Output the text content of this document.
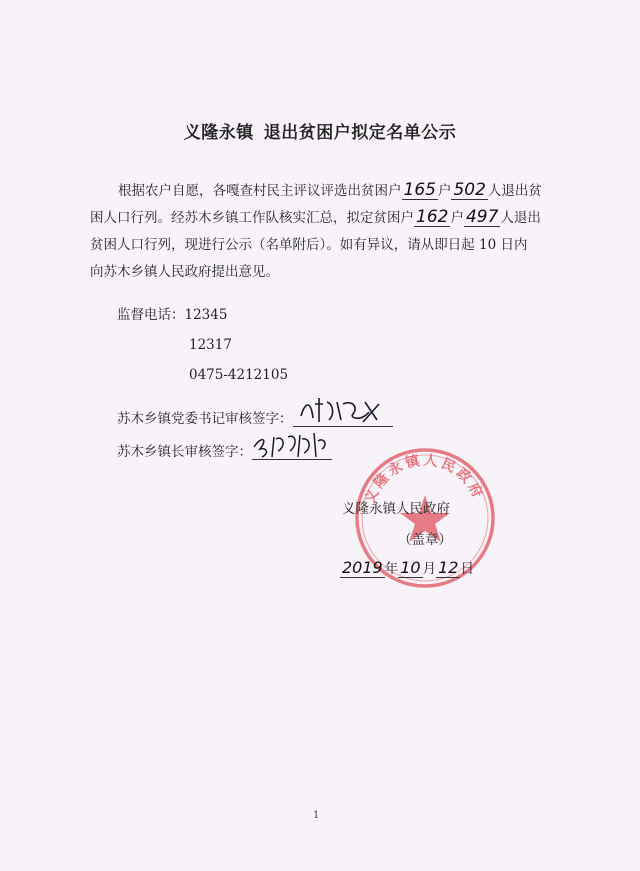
义隆永镇 退出贫困户拟定名单公示
根据农户自愿，各嘎查村民主评议评选出贫困户 165 户 502 人退出贫
困人口行列。经苏木乡镇工作队核实汇总，拟定贫困户 162 户 497 人退出
贫困人口行列，现进行公示（名单附后）。如有异议，请从即日起 10 日内
向苏木乡镇人民政府提出意见。
监督电话：12345
12317
0475-4212105
苏木乡镇党委书记审核签字：
苏木乡镇长审核签字：
义隆永镇人民政府
义隆永镇人民政府
（盖章）
2019 年 10 月 12 日
1
